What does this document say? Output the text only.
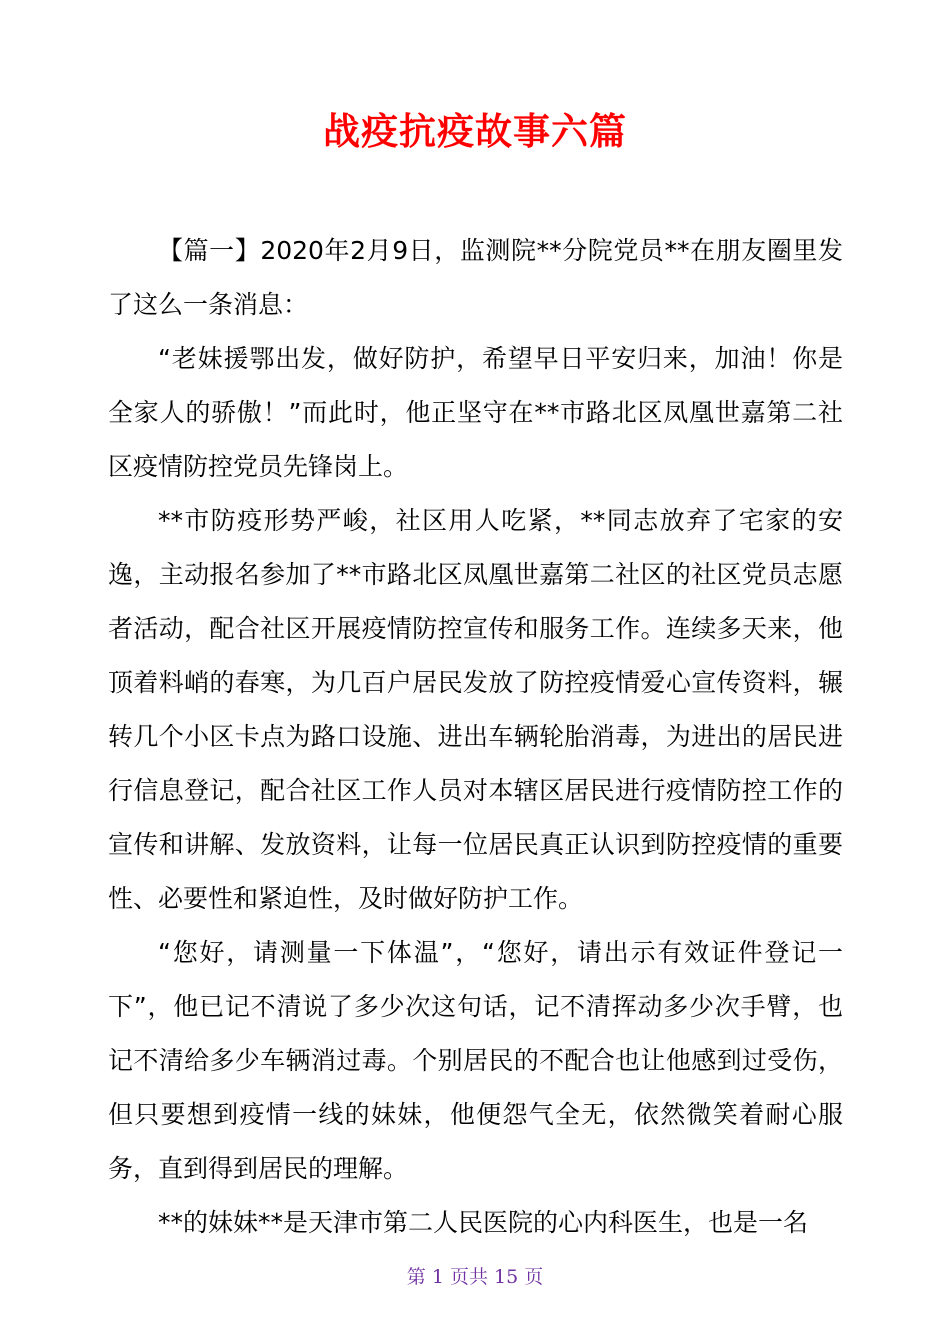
战疫抗疫故事六篇

【篇一】2020年2月9日，监测院**分院党员**在朋友圈里发了这么一条消息：

“老妹援鄂出发，做好防护，希望早日平安归来，加油！你是全家人的骄傲！”而此时，他正坚守在**市路北区凤凰世嘉第二社区疫情防控党员先锋岗上。

**市防疫形势严峻，社区用人吃紧，**同志放弃了宅家的安逸，主动报名参加了**市路北区凤凰世嘉第二社区的社区党员志愿者活动，配合社区开展疫情防控宣传和服务工作。连续多天来，他顶着料峭的春寒，为几百户居民发放了防控疫情爱心宣传资料，辗转几个小区卡点为路口设施、进出车辆轮胎消毒，为进出的居民进行信息登记，配合社区工作人员对本辖区居民进行疫情防控工作的宣传和讲解、发放资料，让每一位居民真正认识到防控疫情的重要性、必要性和紧迫性，及时做好防护工作。

“您好，请测量一下体温”，“您好，请出示有效证件登记一下”，他已记不清说了多少次这句话，记不清挥动多少次手臂，也记不清给多少车辆消过毒。个别居民的不配合也让他感到过受伤，但只要想到疫情一线的妹妹，他便怨气全无，依然微笑着耐心服务，直到得到居民的理解。

**的妹妹**是天津市第二人民医院的心内科医生，也是一名

第 1 页共 15 页
